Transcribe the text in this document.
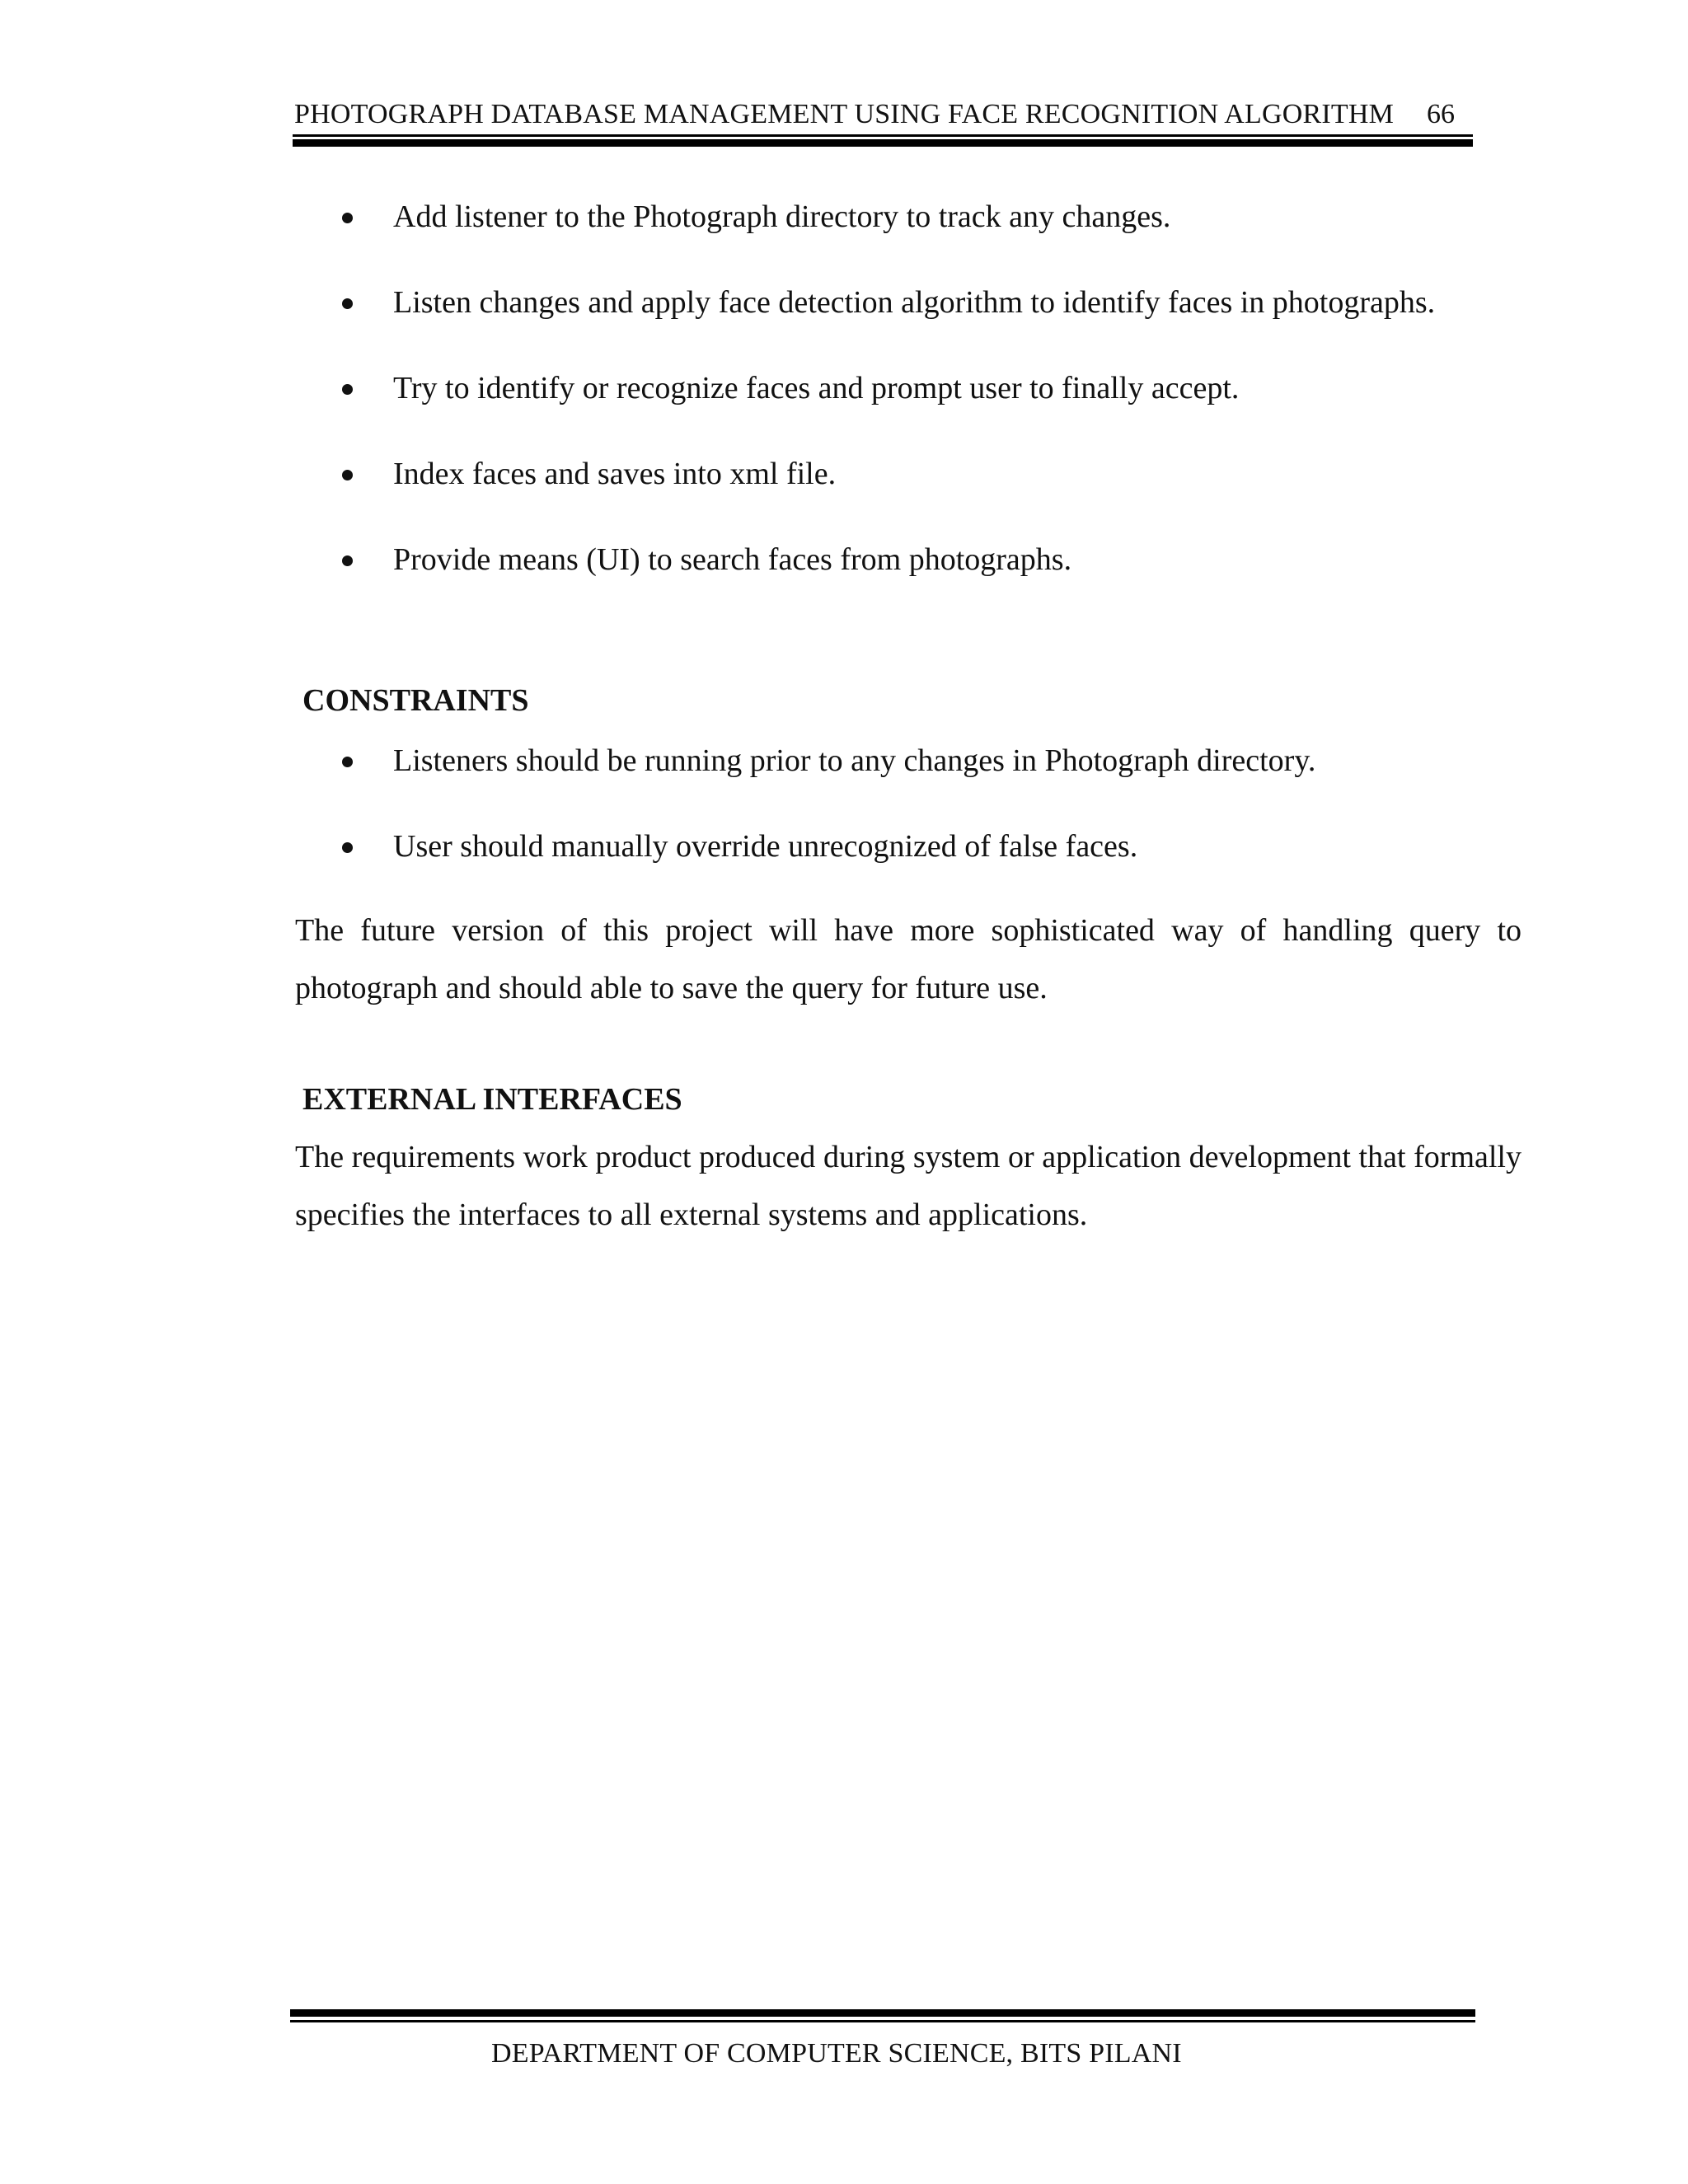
PHOTOGRAPH DATABASE MANAGEMENT USING FACE RECOGNITION ALGORITHM 66
Add listener to the Photograph directory to track any changes.
Listen changes and apply face detection algorithm to identify faces in photographs.
Try to identify or recognize faces and prompt user to finally accept.
Index faces and saves into xml file.
Provide means (UI) to search faces from photographs.
CONSTRAINTS
Listeners should be running prior to any changes in Photograph directory.
User should manually override unrecognized of false faces.

The future version of this project will have more sophisticated way of handling query to photograph and should able to save the query for future use.

EXTERNAL INTERFACES

The requirements work product produced during system or application development that formally specifies the interfaces to all external systems and applications.

DEPARTMENT OF COMPUTER SCIENCE, BITS PILANI
